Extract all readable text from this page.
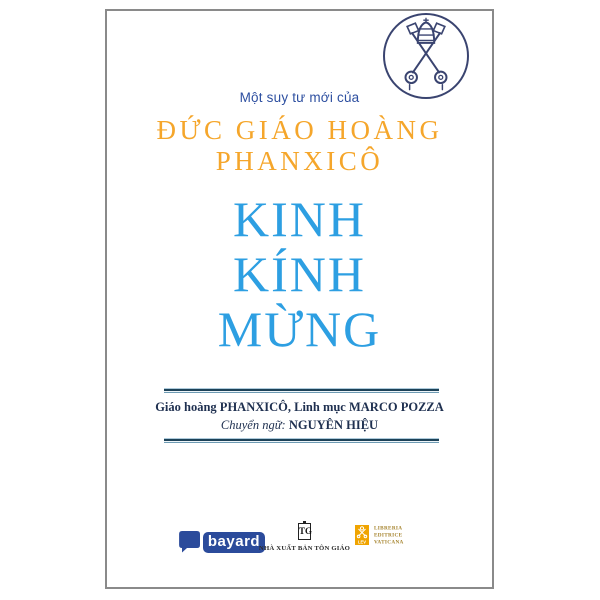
Một suy tư mới của
ĐỨC GIÁO HOÀNG
PHANXICÔ
KINH
KÍNH
MỪNG
Giáo hoàng PHANXICÔ, Linh mục MARCO POZZA
Chuyển ngữ: NGUYÊN HIỆU
bayard
TG
NHÀ XUẤT BẢN TÔN GIÁO
LEV
LIBRERIA
EDITRICE
VATICANA
